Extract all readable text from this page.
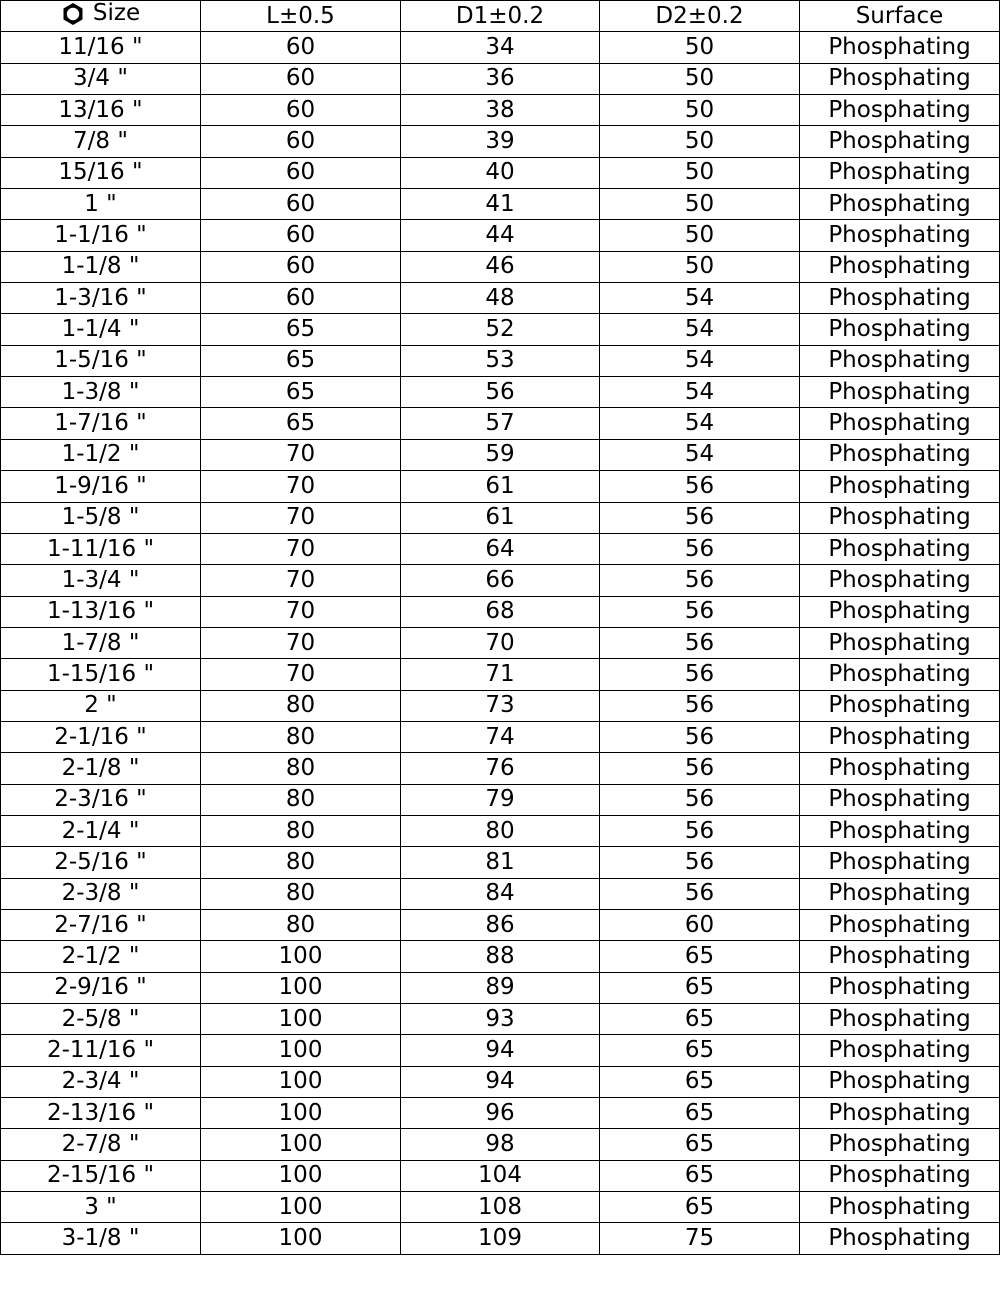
Size	L±0.5	D1±0.2	D2±0.2	Surface
11/16 "	60	34	50	Phosphating
3/4 "	60	36	50	Phosphating
13/16 "	60	38	50	Phosphating
7/8 "	60	39	50	Phosphating
15/16 "	60	40	50	Phosphating
1 "	60	41	50	Phosphating
1-1/16 "	60	44	50	Phosphating
1-1/8 "	60	46	50	Phosphating
1-3/16 "	60	48	54	Phosphating
1-1/4 "	65	52	54	Phosphating
1-5/16 "	65	53	54	Phosphating
1-3/8 "	65	56	54	Phosphating
1-7/16 "	65	57	54	Phosphating
1-1/2 "	70	59	54	Phosphating
1-9/16 "	70	61	56	Phosphating
1-5/8 "	70	61	56	Phosphating
1-11/16 "	70	64	56	Phosphating
1-3/4 "	70	66	56	Phosphating
1-13/16 "	70	68	56	Phosphating
1-7/8 "	70	70	56	Phosphating
1-15/16 "	70	71	56	Phosphating
2 "	80	73	56	Phosphating
2-1/16 "	80	74	56	Phosphating
2-1/8 "	80	76	56	Phosphating
2-3/16 "	80	79	56	Phosphating
2-1/4 "	80	80	56	Phosphating
2-5/16 "	80	81	56	Phosphating
2-3/8 "	80	84	56	Phosphating
2-7/16 "	80	86	60	Phosphating
2-1/2 "	100	88	65	Phosphating
2-9/16 "	100	89	65	Phosphating
2-5/8 "	100	93	65	Phosphating
2-11/16 "	100	94	65	Phosphating
2-3/4 "	100	94	65	Phosphating
2-13/16 "	100	96	65	Phosphating
2-7/8 "	100	98	65	Phosphating
2-15/16 "	100	104	65	Phosphating
3 "	100	108	65	Phosphating
3-1/8 "	100	109	75	Phosphating
